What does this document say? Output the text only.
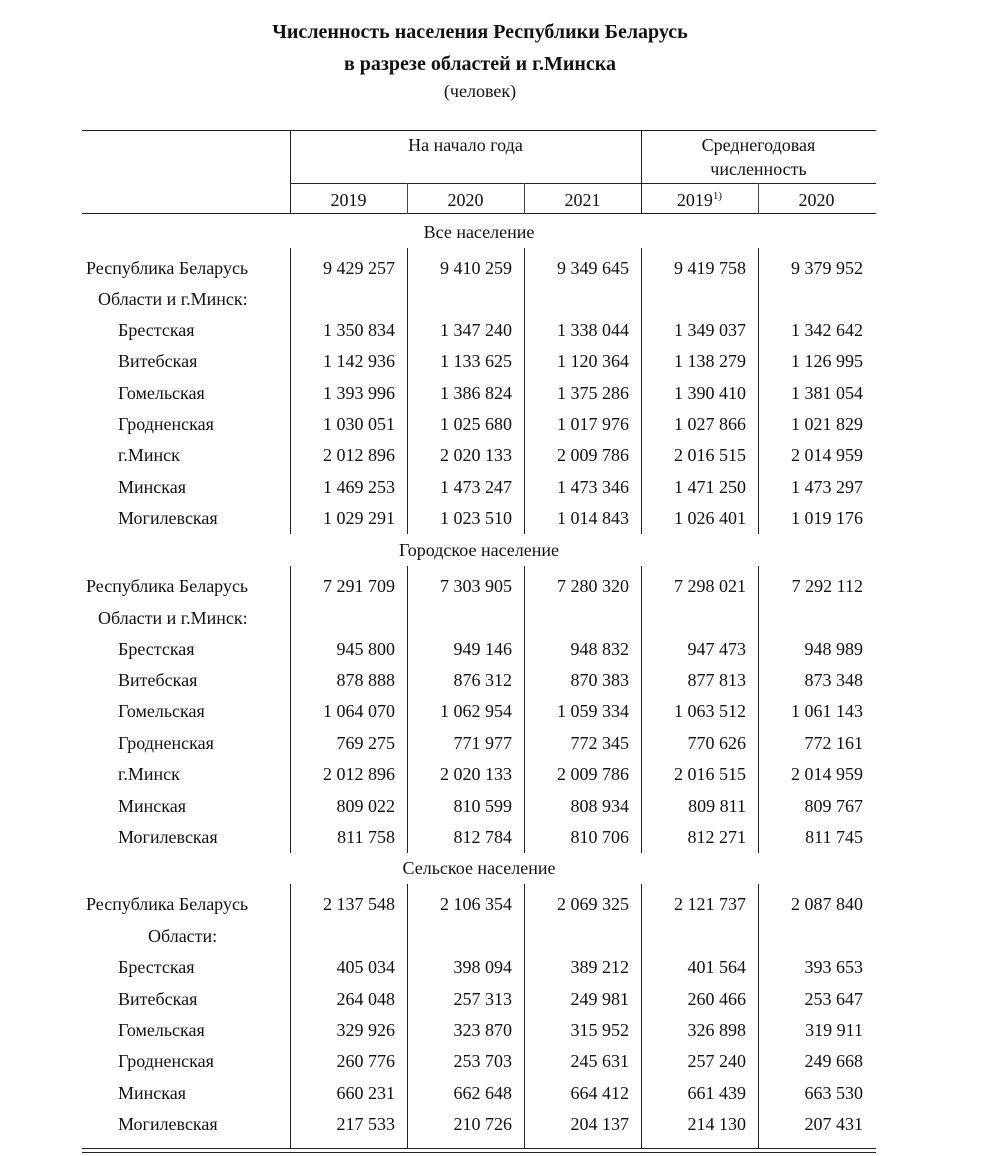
Численность населения Республики Беларусь
в разрезе областей и г.Минска
(человек)
На начало года	Среднегодовая
численность
2019	2020	2021	2019$^{1)}$	2020
Все население
Республика Беларусь	9 429 257	9 410 259	9 349 645	9 419 758	9 379 952
Области и г.Минск:
Брестская	1 350 834	1 347 240	1 338 044	1 349 037	1 342 642
Витебская	1 142 936	1 133 625	1 120 364	1 138 279	1 126 995
Гомельская	1 393 996	1 386 824	1 375 286	1 390 410	1 381 054
Гродненская	1 030 051	1 025 680	1 017 976	1 027 866	1 021 829
г.Минск	2 012 896	2 020 133	2 009 786	2 016 515	2 014 959
Минская	1 469 253	1 473 247	1 473 346	1 471 250	1 473 297
Могилевская	1 029 291	1 023 510	1 014 843	1 026 401	1 019 176
Городское население
Республика Беларусь	7 291 709	7 303 905	7 280 320	7 298 021	7 292 112
Области и г.Минск:
Брестская	945 800	949 146	948 832	947 473	948 989
Витебская	878 888	876 312	870 383	877 813	873 348
Гомельская	1 064 070	1 062 954	1 059 334	1 063 512	1 061 143
Гродненская	769 275	771 977	772 345	770 626	772 161
г.Минск	2 012 896	2 020 133	2 009 786	2 016 515	2 014 959
Минская	809 022	810 599	808 934	809 811	809 767
Могилевская	811 758	812 784	810 706	812 271	811 745
Сельское население
Республика Беларусь	2 137 548	2 106 354	2 069 325	2 121 737	2 087 840
Области:
Брестская	405 034	398 094	389 212	401 564	393 653
Витебская	264 048	257 313	249 981	260 466	253 647
Гомельская	329 926	323 870	315 952	326 898	319 911
Гродненская	260 776	253 703	245 631	257 240	249 668
Минская	660 231	662 648	664 412	661 439	663 530
Могилевская	217 533	210 726	204 137	214 130	207 431
